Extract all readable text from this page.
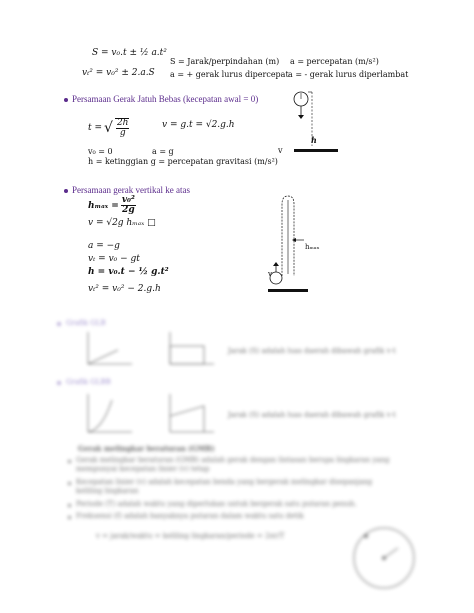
S = v₀.t ± ½ a.t²
vₜ² = v₀² ± 2.a.S
S = Jarak/perpindahan (m) a = percepatan (m/s²)
a = + gerak lurus dipercepat a = - gerak lurus diperlambat
Persamaan Gerak Jatuh Bebas (kecepatan awal = 0)
t = √ $\frac{2h}{g}$	v = g.t = √2.g.h
v₀ = 0	a = g
h = ketinggian g = percepatan gravitasi (m/s²)
h
v
Persamaan gerak vertikal ke atas
$h_{max} = \frac{\text{v₀²}}{2g}$
v = √2g hₘₐₓ □
a = −g
vₜ = v₀ − gt
h = v₀.t − ½ g.t²
vₜ² = v₀² − 2.g.h
hₘₐₓ
v
Grafik GLB
Jarak (S) adalah luas daerah dibawah grafik v-t
Grafik GLBB
Jarak (S) adalah luas daerah dibawah grafik v-t
Gerak melingkar beraturan (GMB)
Gerak melingkar beraturan (GMB) adalah gerak dengan lintasan berupa lingkaran yang mempunyai kecepatan linier (v) tetap
Kecepatan linier (v) adalah kecepatan benda yang bergerak melingkar disepanjang keliling lingkaran
Periode (T) adalah waktu yang diperlukan untuk bergerak satu putaran penuh.
Frekuensi (f) adalah banyaknya putaran dalam waktu satu detik
v = jarak/waktu = keliling lingkaran/periode = 2πr/T
